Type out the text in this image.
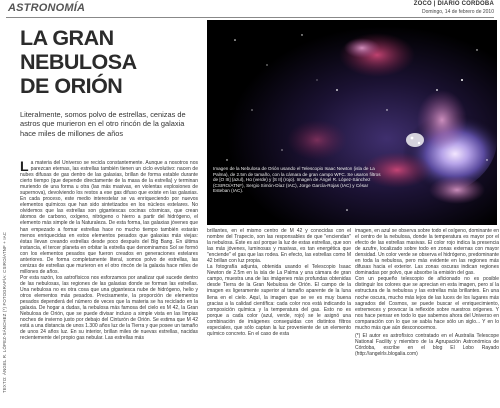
ASTRONOMÍA	ZOCO | DIARIO CÓRDOBA
Domingo, 14 de febrero de 2010
LA GRAN
NEBULOSA
DE ORIÓN
Literalmente, somos polvo de estrellas, cenizas de astros que murieron en el otro rincón de la galaxia hace miles de millones de años
TEXTO: ÁNGEL R. LÓPEZ-SÁNCHEZ (*) FOTOGRAFÍA: CSIRO/ATNF + IAC
Imagen de la Nebulosa de Orión usando el Telescopio Isaac Newton (isla de La Palma), de 2.5m de tamaño, con la cámara de gran campo WFC. Se usaron filtros de [O III] (azul), Hα (verde) y [S II] (rojo). Imagen de Ángel R. López-Sánchez (CSIRO/ATNF), Sergio Simón-Díaz (IAC), Jorge García-Rojas (IAC) y César Esteban (IAC).

La materia del Universo se recicla constantemente. Aunque a nosotros nos parezcan eternas, las estrellas también tienen un ciclo evolutivo: nacen de nubes difusas de gas dentro de las galaxias, brillan de forma estable durante cierto tiempo (que depende directamente de la masa de la estrella) y terminan muriendo de una forma u otra (las más masivas, en violentas explosiones de supernova), devolviendo los restos a ese gas difuso que existe en las galaxias. En cada proceso, este medio interestelar se va enriqueciendo por nuevos elementos químicos que han sido sintetizados en los núcleos estelares. No olvidemos que las estrellas son gigantescas cocinas cósmicas, que crean átomos de carbono, oxígeno, nitrógeno o hierro a partir del hidrógeno, el elemento más simple de la Naturaleza. De esta forma, las galaxias jóvenes que han empezado a formar estrellas hace no mucho tiempo también estarán menos enriquecidas en estos elementos pesados que galaxias más viejas: éstas llevan creando estrellas desde poco después del Big Bang. En última instancia, el tercer planeta en orbitar la estrella que denominamos Sol se formó con los elementos pesados que fueron creados en generaciones estelares anteriores. De forma completamente literal, somos polvo de estrellas, las cenizas de estrellas que murieron en el otro rincón de la galaxia hace miles de millones de años.

Por esta razón, los astrofísicos nos esforzamos por analizar qué sucede dentro de las nebulosas, las regiones de las galaxias donde se forman las estrellas. Una nebulosa no es otra cosa que una gigantesca nube de hidrógeno, helio y otros elementos más pesados. Precisamente, la proporción de elementos pesados dependerá del número de veces que la materia se ha reciclado en la galaxia. De hogar a dudas, la nebulosa más famosa del cielo es M 42, la Gran Nebulosa de Orión, que se puede divisar incluso a simple vista en las limpias noches de invierno justo por debajo del Cinturón de Orión. Se estima que M 42 está a una distancia de unos 1.300 años luz de la Tierra y que posee un tamaño de unos 24 años luz. En su interior, brillan miles de nuevas estrellas, nacidas recientemente del propio gas nebular. Las estrellas más

brillantes, en el mismo centro de M 42 y conocidas con el nombre del Trapecio, son las responsables de que "enciendan" la nebulosa. Éste es así porque la luz de estas estrellas, que son las más jóvenes, luminosas y masivas, es tan energética que "enciende" el gas que las rodea. En efecto, las estrellas como M 42 brillan con luz propia.

La fotografía adjunta, obtenida usando el Telescopio Isaac Newton de 2.5m en la isla de La Palma y una cámara de gran campo, muestra una de las imágenes más profundas obtenidas desde Tierra de la Gran Nebulosa de Orión. El campo de la imagen es ligeramente superior al tamaño aparente de la luna llena en el cielo. Aquí, la imagen que se ve es muy buena gracias a la calidad científica: cada color nos está indicando la composición química y la temperatura del gas. Esto no es porque a cada color (azul, verde, rojo) se le asignó una combinación de imágenes conseguidas con distintos filtros especiales, que sólo captan la luz proveniente de un elemento químico concreto. En el caso de esta

imagen, en azul se observa sobre todo el oxígeno, dominante en el centro de la nebulosa, donde la temperatura es mayor por el efecto de las estrellas masivas. El color rojo indica la presencia de azufre, localizado sobre todo en zonas externas con mayor densidad. Un color verde se observa el hidrógeno, predominante en toda la nebulosa, pero más evidente en las regiones más difusas hacia el exterior. Las zonas oscuras indican regiones dominadas por polvo, que absorbe la emisión del gas.

Con un pequeño telescopio de aficionado no es posible distinguir los colores que se aprecian en esta imagen, pero sí la estructura de la nebulosa y las estrellas más brillantes. En una noche oscura, mucho más lejos de las luces de los lugares más sagrados del Cosmos, se puede buscar el enriquecimiento, extremeces y provocar la reflexión sobre nuestros orígenes. Y nos hace pensar en todo lo que sabemos ahora del Universo en comparación con lo que se sabía hace sólo un siglo... Y en lo mucho más que aún desconocemos.

(*) El autor es astrofísico contratado en el Australia Telescope National Facility y miembro de la Agrupación Astronómica de Córdoba, escribe en el blog El Lobo Rayado (http://angelrls.blogalia.com)
